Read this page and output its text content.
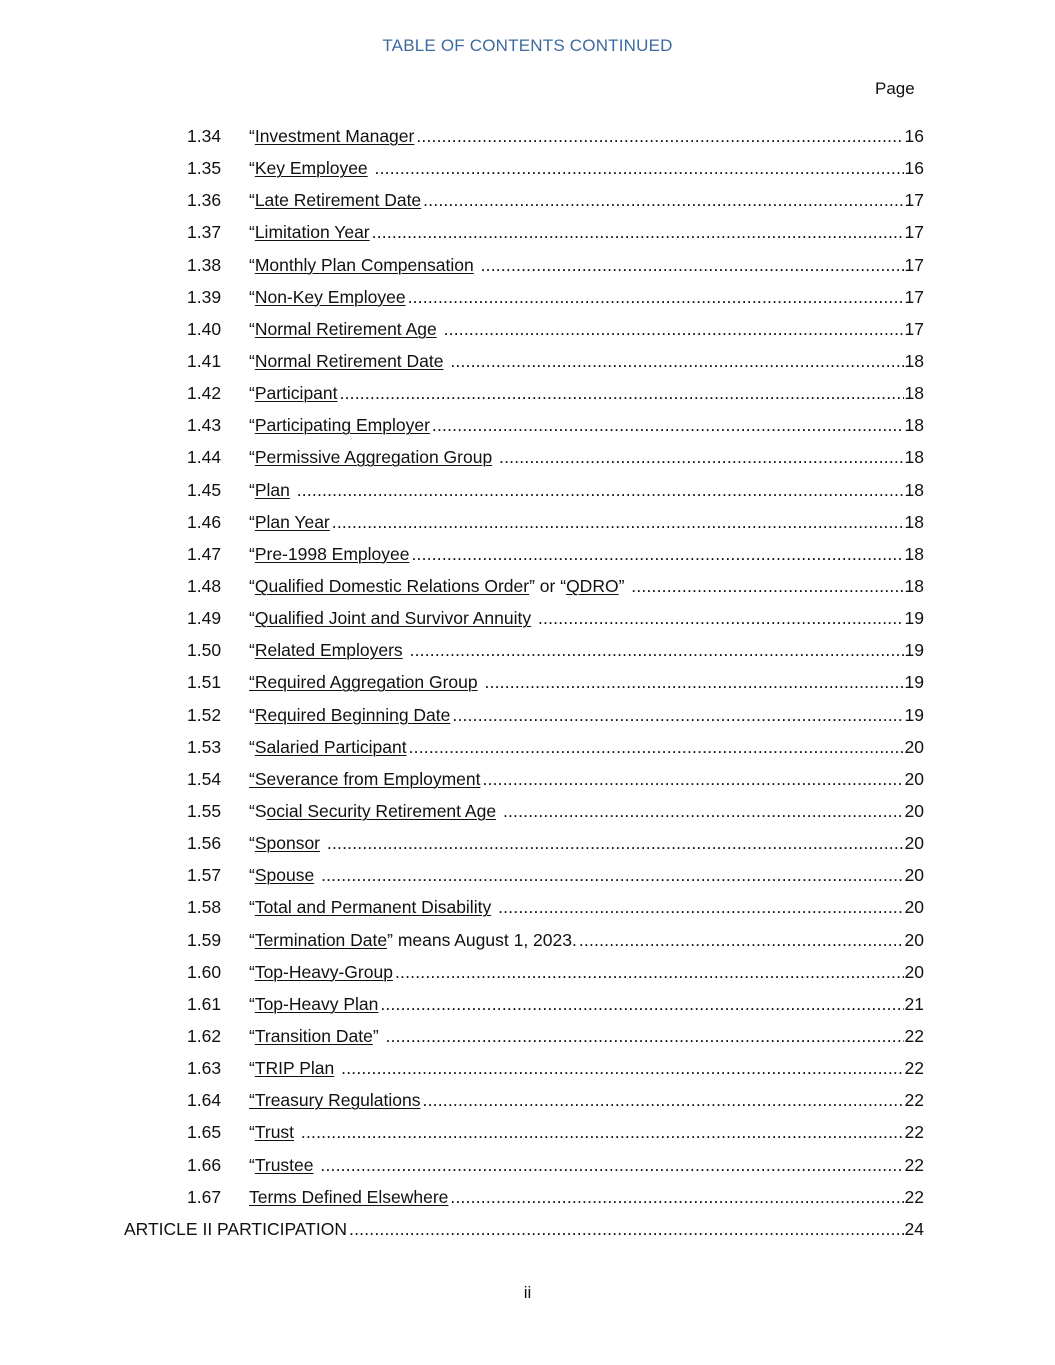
TABLE OF CONTENTS CONTINUED
Page
1.34 “Investment Manager .....	16
1.35 “Key Employee .....	16
1.36 “Late Retirement Date .....	17
1.37 “Limitation Year .....	17
1.38 “Monthly Plan Compensation .....	17
1.39 “Non-Key Employee .....	17
1.40 “Normal Retirement Age .....	17
1.41 “Normal Retirement Date .....	18
1.42 “Participant .....	18
1.43 “Participating Employer .....	18
1.44 “Permissive Aggregation Group .....	18
1.45 “Plan .....	18
1.46 “Plan Year .....	18
1.47 “Pre-1998 Employee .....	18
1.48 “Qualified Domestic Relations Order” or “QDRO” .....	18
1.49 “Qualified Joint and Survivor Annuity .....	19
1.50 “Related Employers .....	19
1.51 “Required Aggregation Group .....	19
1.52 “Required Beginning Date .....	19
1.53 “Salaried Participant .....	20
1.54 “Severance from Employment .....	20
1.55 “Social Security Retirement Age .....	20
1.56 “Sponsor .....	20
1.57 “Spouse .....	20
1.58 “Total and Permanent Disability .....	20
1.59 “Termination Date” means August 1, 2023. .....	20
1.60 “Top-Heavy-Group .....	20
1.61 “Top-Heavy Plan .....	21
1.62 “Transition Date” .....	22
1.63 “TRIP Plan .....	22
1.64 “Treasury Regulations .....	22
1.65 “Trust .....	22
1.66 “Trustee .....	22
1.67 Terms Defined Elsewhere .....	22
ARTICLE II PARTICIPATION .....	24
ii
